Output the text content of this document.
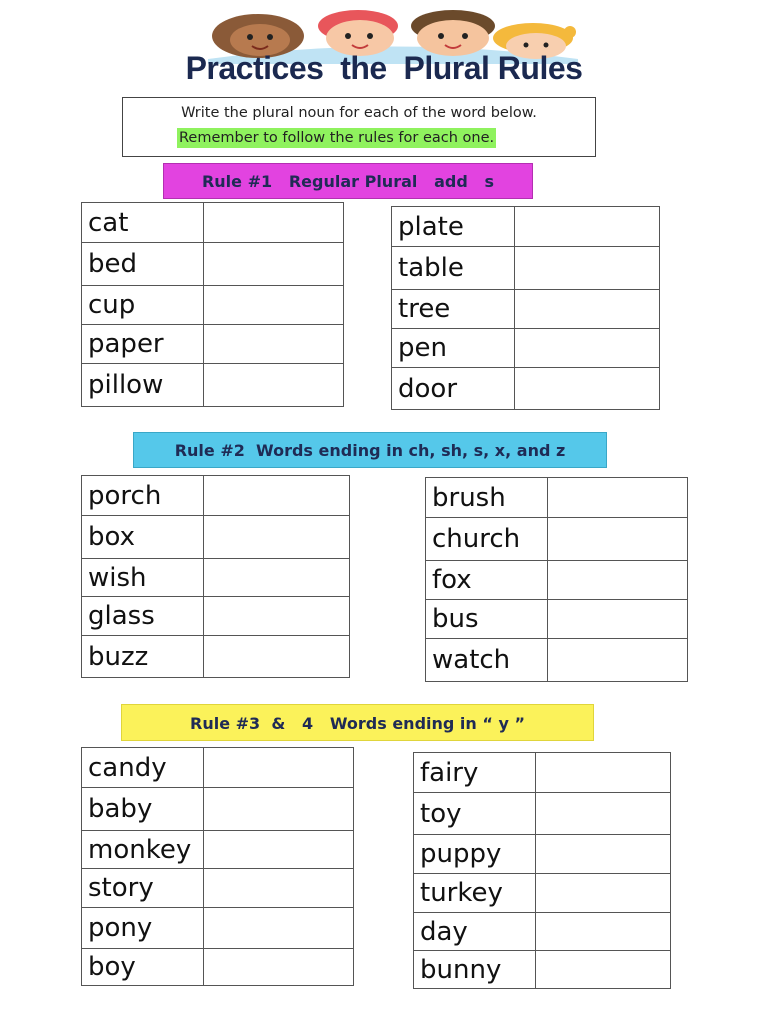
Practices  the  Plural Rules
Write the plural noun for each of the word below.
Remember to follow the rules for each one.
Rule #1   Regular Plural   add   s
cat	
bed	
cup	
paper	
pillow	
plate	
table	
tree	
pen	
door	
Rule #2  Words ending in ch, sh, s, x, and z
porch	
box	
wish	
glass	
buzz	
brush	
church	
fox	
bus	
watch	
Rule #3  &   4   Words ending in “ y ”
candy	
baby	
monkey	
story	
pony	
boy	
fairy	
toy	
puppy	
turkey	
day	
bunny	
